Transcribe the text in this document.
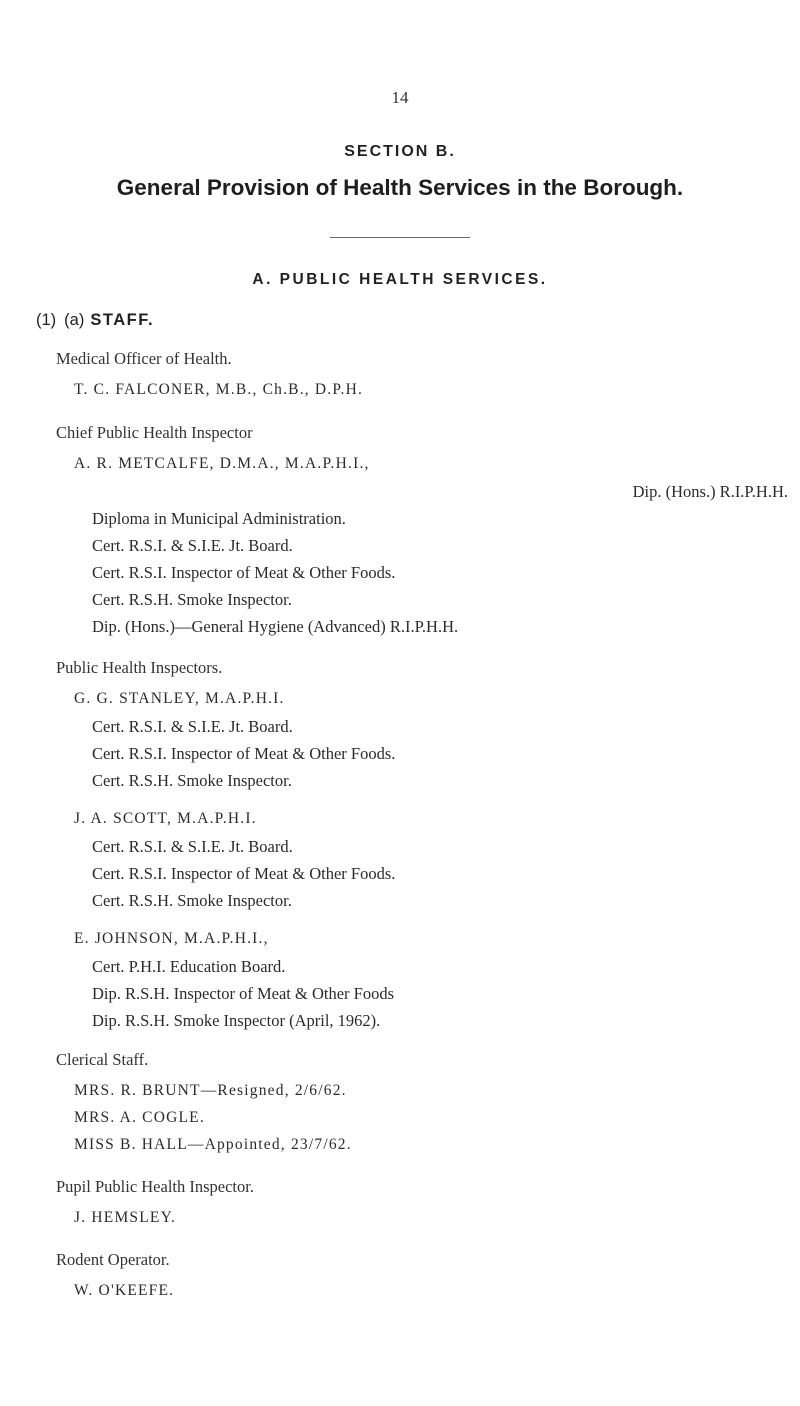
14
SECTION B.
General Provision of Health Services in the Borough.
A. PUBLIC HEALTH SERVICES.
(1) (a) STAFF.
Medical Officer of Health.
T. C. FALCONER, M.B., Ch.B., D.P.H.
Chief Public Health Inspector
A. R. METCALFE, D.M.A., M.A.P.H.I.,
Dip. (Hons.) R.I.P.H.H.
Diploma in Municipal Administration.
Cert. R.S.I. & S.I.E. Jt. Board.
Cert. R.S.I. Inspector of Meat & Other Foods.
Cert. R.S.H. Smoke Inspector.
Dip. (Hons.)—General Hygiene (Advanced) R.I.P.H.H.
Public Health Inspectors.
G. G. STANLEY, M.A.P.H.I.
Cert. R.S.I. & S.I.E. Jt. Board.
Cert. R.S.I. Inspector of Meat & Other Foods.
Cert. R.S.H. Smoke Inspector.
J. A. SCOTT, M.A.P.H.I.
Cert. R.S.I. & S.I.E. Jt. Board.
Cert. R.S.I. Inspector of Meat & Other Foods.
Cert. R.S.H. Smoke Inspector.
E. JOHNSON, M.A.P.H.I.,
Cert. P.H.I. Education Board.
Dip. R.S.H. Inspector of Meat & Other Foods
Dip. R.S.H. Smoke Inspector (April, 1962).
Clerical Staff.
MRS. R. BRUNT—Resigned, 2/6/62.
MRS. A. COGLE.
MISS B. HALL—Appointed, 23/7/62.
Pupil Public Health Inspector.
J. HEMSLEY.
Rodent Operator.
W. O'KEEFE.
